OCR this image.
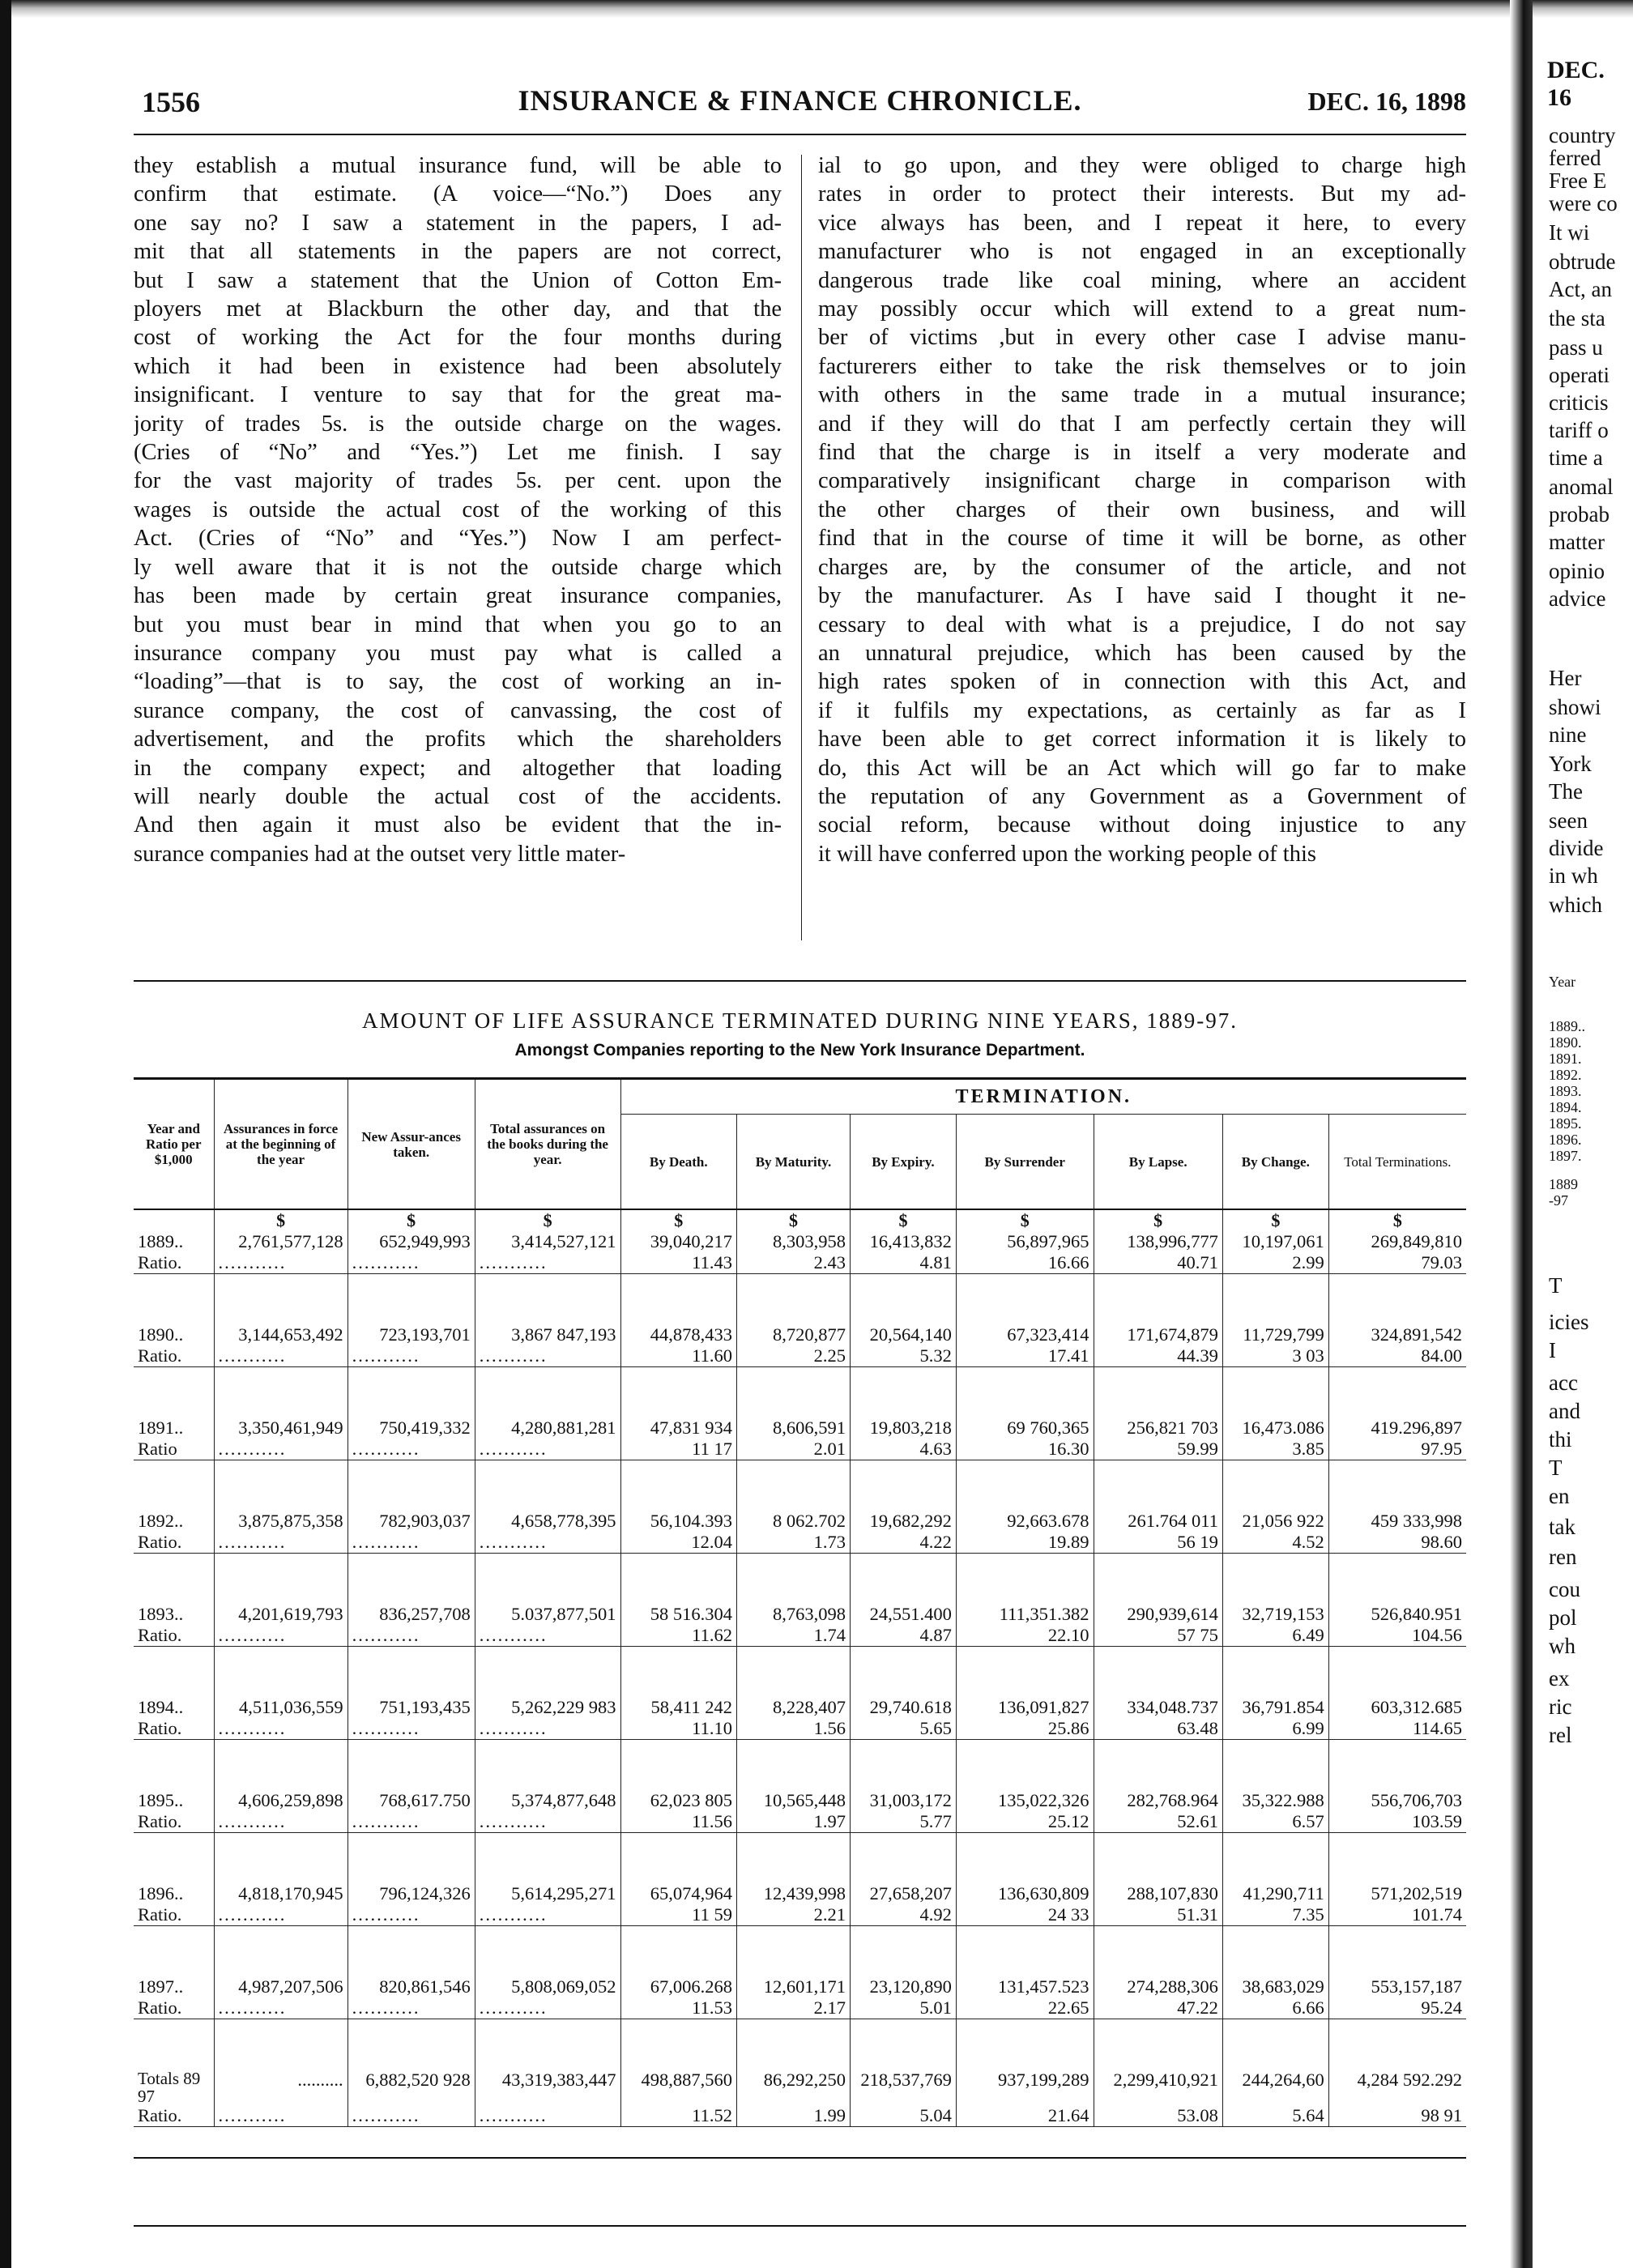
1556	INSURANCE & FINANCE CHRONICLE.	DEC. 16, 1898
they establish a mutual insurance fund, will be able to
confirm that estimate. (A voice—“No.”) Does any
one say no? I saw a statement in the papers, I ad-
mit that all statements in the papers are not correct,
but I saw a statement that the Union of Cotton Em-
ployers met at Blackburn the other day, and that the
cost of working the Act for the four months during
which it had been in existence had been absolutely
insignificant. I venture to say that for the great ma-
jority of trades 5s. is the outside charge on the wages.
(Cries of “No” and “Yes.”) Let me finish. I say
for the vast majority of trades 5s. per cent. upon the
wages is outside the actual cost of the working of this
Act. (Cries of “No” and “Yes.”) Now I am perfect-
ly well aware that it is not the outside charge which
has been made by certain great insurance companies,
but you must bear in mind that when you go to an
insurance company you must pay what is called a
“loading”—that is to say, the cost of working an in-
surance company, the cost of canvassing, the cost of
advertisement, and the profits which the shareholders
in the company expect; and altogether that loading
will nearly double the actual cost of the accidents.
And then again it must also be evident that the in-
surance companies had at the outset very little mater-
ial to go upon, and they were obliged to charge high
rates in order to protect their interests. But my ad-
vice always has been, and I repeat it here, to every
manufacturer who is not engaged in an exceptionally
dangerous trade like coal mining, where an accident
may possibly occur which will extend to a great num-
ber of victims ,but in every other case I advise manu-
facturerers either to take the risk themselves or to join
with others in the same trade in a mutual insurance;
and if they will do that I am perfectly certain they will
find that the charge is in itself a very moderate and
comparatively insignificant charge in comparison with
the other charges of their own business, and will
find that in the course of time it will be borne, as other
charges are, by the consumer of the article, and not
by the manufacturer. As I have said I thought it ne-
cessary to deal with what is a prejudice, I do not say
an unnatural prejudice, which has been caused by the
high rates spoken of in connection with this Act, and
if it fulfils my expectations, as certainly as far as I
have been able to get correct information it is likely to
do, this Act will be an Act which will go far to make
the reputation of any Government as a Government of
social reform, because without doing injustice to any
it will have conferred upon the working people of this
AMOUNT OF LIFE ASSURANCE TERMINATED DURING NINE YEARS, 1889-97.
Amongst Companies reporting to the New York Insurance Department.
Year and Ratio per $1,000	Assurances in force at the beginning of the year	New Assur-ances taken.	Total assurances on the books during the year.	TERMINATION.						
				By Death.	By Maturity.	By Expiry.	By Surrender	By Lapse.	By Change.	Total Terminations.
	$	$	$	$	$	$	$	$	$	$
1889..	2,761,577,128	652,949,993	3,414,527,121	39,040,217	8,303,958	16,413,832	56,897,965	138,996,777	10,197,061	269,849,810
Ratio.	...........	...........	...........	11.43	2.43	4.81	16.66	40.71	2.99	79.03

1890..	3,144,653,492	723,193,701	3,867 847,193	44,878,433	8,720,877	20,564,140	67,323,414	171,674,879	11,729,799	324,891,542
Ratio.	...........	...........	...........	11.60	2.25	5.32	17.41	44.39	3 03	84.00

1891..	3,350,461,949	750,419,332	4,280,881,281	47,831 934	8,606,591	19,803,218	69 760,365	256,821 703	16,473.086	419.296,897
Ratio	...........	...........	...........	11 17	2.01	4.63	16.30	59.99	3.85	97.95

1892..	3,875,875,358	782,903,037	4,658,778,395	56,104.393	8 062.702	19,682,292	92,663.678	261.764 011	21,056 922	459 333,998
Ratio.	...........	...........	...........	12.04	1.73	4.22	19.89	56 19	4.52	98.60

1893..	4,201,619,793	836,257,708	5.037,877,501	58 516.304	8,763,098	24,551.400	111,351.382	290,939,614	32,719,153	526,840.951
Ratio.	...........	...........	...........	11.62	1.74	4.87	22.10	57 75	6.49	104.56

1894..	4,511,036,559	751,193,435	5,262,229 983	58,411 242	8,228,407	29,740.618	136,091,827	334,048.737	36,791.854	603,312.685
Ratio.	...........	...........	...........	11.10	1.56	5.65	25.86	63.48	6.99	114.65

1895..	4,606,259,898	768,617.750	5,374,877,648	62,023 805	10,565,448	31,003,172	135,022,326	282,768.964	35,322.988	556,706,703
Ratio.	...........	...........	...........	11.56	1.97	5.77	25.12	52.61	6.57	103.59

1896..	4,818,170,945	796,124,326	5,614,295,271	65,074,964	12,439,998	27,658,207	136,630,809	288,107,830	41,290,711	571,202,519
Ratio.	...........	...........	...........	11 59	2.21	4.92	24 33	51.31	7.35	101.74

1897..	4,987,207,506	820,861,546	5,808,069,052	67,006.268	12,601,171	23,120,890	131,457.523	274,288,306	38,683,029	553,157,187
Ratio.	...........	...........	...........	11.53	2.17	5.01	22.65	47.22	6.66	95.24

Totals 89 97	..........	6,882,520 928	43,319,383,447	498,887,560	86,292,250	218,537,769	937,199,289	2,299,410,921	244,264,60	4,284 592.292
Ratio.	...........	...........	...........	11.52	1.99	5.04	21.64	53.08	5.64	98 91
DEC. 16
country
ferred
Free E
were co
It wi
obtrude
Act, an
the sta
pass u
operati
criticis
tariff o
time a
anomal
probab
matter
opinio
advice
Her
showi
nine
York
The
seen
divide
in wh
which
Year
1889..
1890.
1891.
1892.
1893.
1894.
1895.
1896.
1897.
1889
-97
T
icies
I
acc
and
thi
T
en
tak
ren
cou
pol
wh
ex
ric
rel
